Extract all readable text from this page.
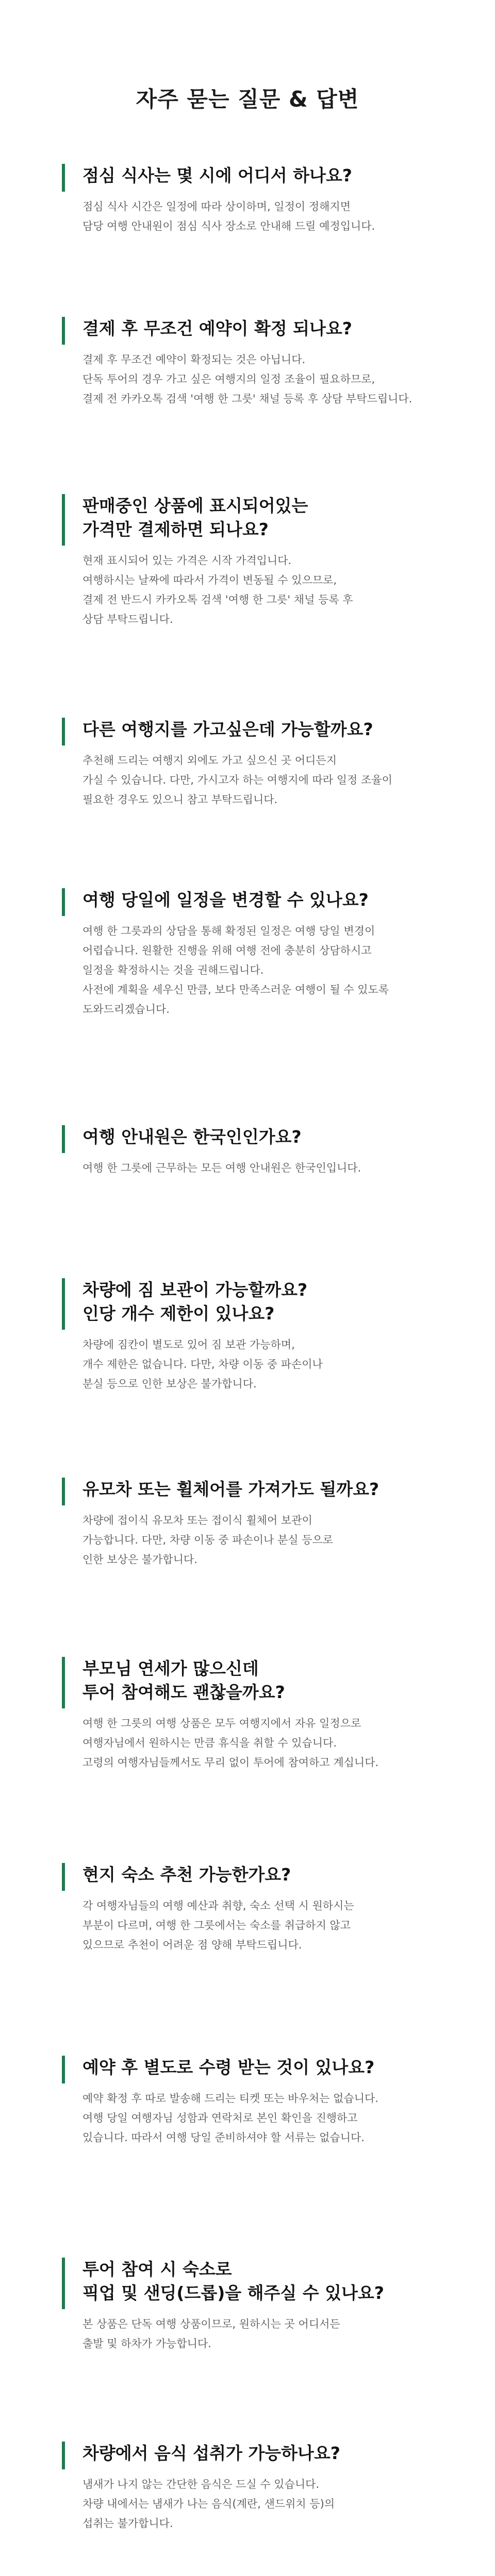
자주 묻는 질문 & 답변
점심 식사는 몇 시에 어디서 하나요?
점심 식사 시간은 일정에 따라 상이하며, 일정이 정해지면
담당 여행 안내원이 점심 식사 장소로 안내해 드릴 예정입니다.
결제 후 무조건 예약이 확정 되나요?
결제 후 무조건 예약이 확정되는 것은 아닙니다.
단독 투어의 경우 가고 싶은 여행지의 일정 조율이 필요하므로,
결제 전 카카오톡 검색 '여행 한 그릇' 채널 등록 후 상담 부탁드립니다.
판매중인 상품에 표시되어있는
가격만 결제하면 되나요?
현재 표시되어 있는 가격은 시작 가격입니다.
여행하시는 날짜에 따라서 가격이 변동될 수 있으므로,
결제 전 반드시 카카오톡 검색 '여행 한 그릇' 채널 등록 후
상담 부탁드립니다.
다른 여행지를 가고싶은데 가능할까요?
추천해 드리는 여행지 외에도 가고 싶으신 곳 어디든지
가실 수 있습니다. 다만, 가시고자 하는 여행지에 따라 일정 조율이
필요한 경우도 있으니 참고 부탁드립니다.
여행 당일에 일정을 변경할 수 있나요?
여행 한 그릇과의 상담을 통해 확정된 일정은 여행 당일 변경이
어렵습니다. 원활한 진행을 위해 여행 전에 충분히 상담하시고
일정을 확정하시는 것을 권해드립니다.
사전에 계획을 세우신 만큼, 보다 만족스러운 여행이 될 수 있도록
도와드리겠습니다.
여행 안내원은 한국인인가요?
여행 한 그릇에 근무하는 모든 여행 안내원은 한국인입니다.
차량에 짐 보관이 가능할까요?
인당 개수 제한이 있나요?
차량에 짐칸이 별도로 있어 짐 보관 가능하며,
개수 제한은 없습니다. 다만, 차량 이동 중 파손이나
분실 등으로 인한 보상은 불가합니다.
유모차 또는 휠체어를 가져가도 될까요?
차량에 접이식 유모차 또는 접이식 휠체어 보관이
가능합니다. 다만, 차량 이동 중 파손이나 분실 등으로
인한 보상은 불가합니다.
부모님 연세가 많으신데
투어 참여해도 괜찮을까요?
여행 한 그릇의 여행 상품은 모두 여행지에서 자유 일정으로
여행자님에서 원하시는 만큼 휴식을 취할 수 있습니다.
고령의 여행자님들께서도 무리 없이 투어에 참여하고 계십니다.
현지 숙소 추천 가능한가요?
각 여행자님들의 여행 예산과 취향, 숙소 선택 시 원하시는
부분이 다르며, 여행 한 그릇에서는 숙소를 취급하지 않고
있으므로 추천이 어려운 점 양해 부탁드립니다.
예약 후 별도로 수령 받는 것이 있나요?
예약 확정 후 따로 발송해 드리는 티켓 또는 바우처는 없습니다.
여행 당일 여행자님 성함과 연락처로 본인 확인을 진행하고
있습니다. 따라서 여행 당일 준비하셔야 할 서류는 없습니다.
투어 참여 시 숙소로
픽업 및 샌딩(드롭)을 해주실 수 있나요?
본 상품은 단독 여행 상품이므로, 원하시는 곳 어디서든
출발 및 하차가 가능합니다.
차량에서 음식 섭취가 가능하나요?
냄새가 나지 않는 간단한 음식은 드실 수 있습니다.
차량 내에서는 냄새가 나는 음식(계란, 샌드위치 등)의
섭취는 불가합니다.
